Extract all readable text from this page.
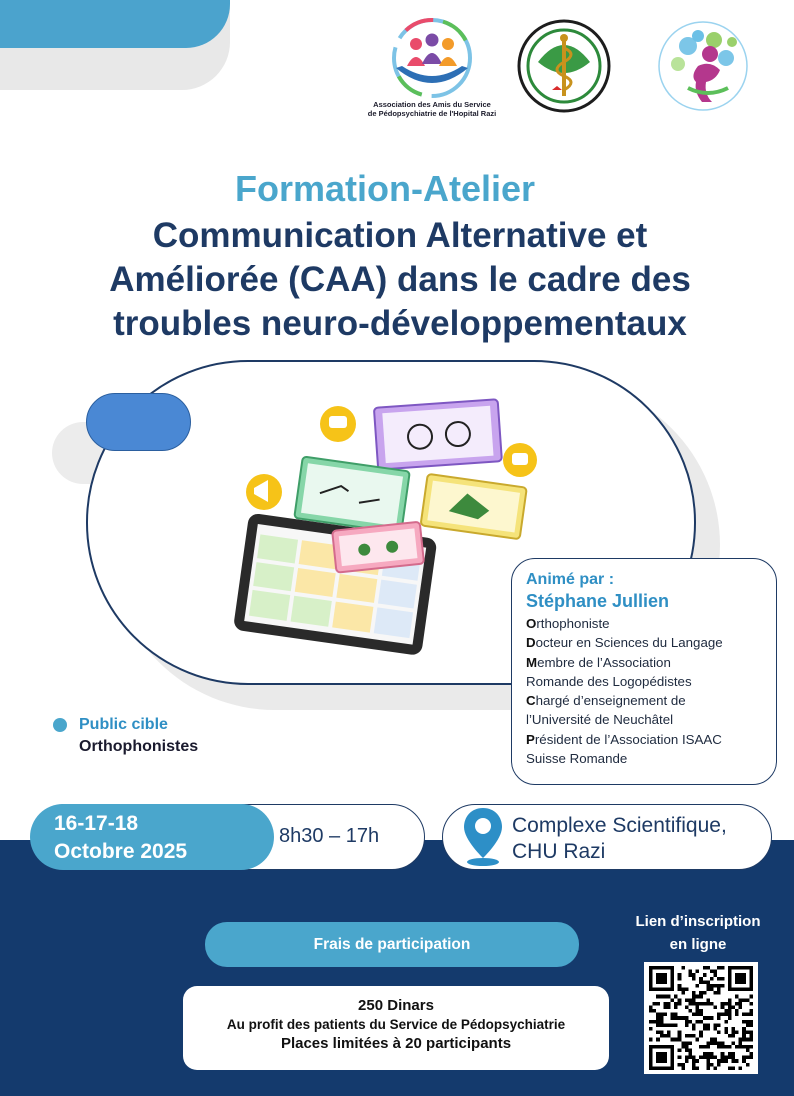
Association des Amis du Service
de Pédopsychiatrie de l'Hopital Razi
Formation-Atelier
Communication Alternative et
Améliorée (CAA) dans le cadre des
troubles neuro-développementaux
Animé par :
Stéphane Jullien
Orthophoniste
Docteur en Sciences du Langage
Membre de l’Association
Romande des Logopédistes
Chargé d’enseignement de
l’Université de Neuchâtel
Président de l’Association ISAAC
Suisse Romande
Public cible
Orthophonistes
16-17-18
Octobre 2025
8h30 – 17h	Complexe Scientifique,
CHU Razi
Frais de participation
250 Dinars
Au profit des patients du Service de Pédopsychiatrie
Places limitées à 20 participants
Lien d’inscription
en ligne
